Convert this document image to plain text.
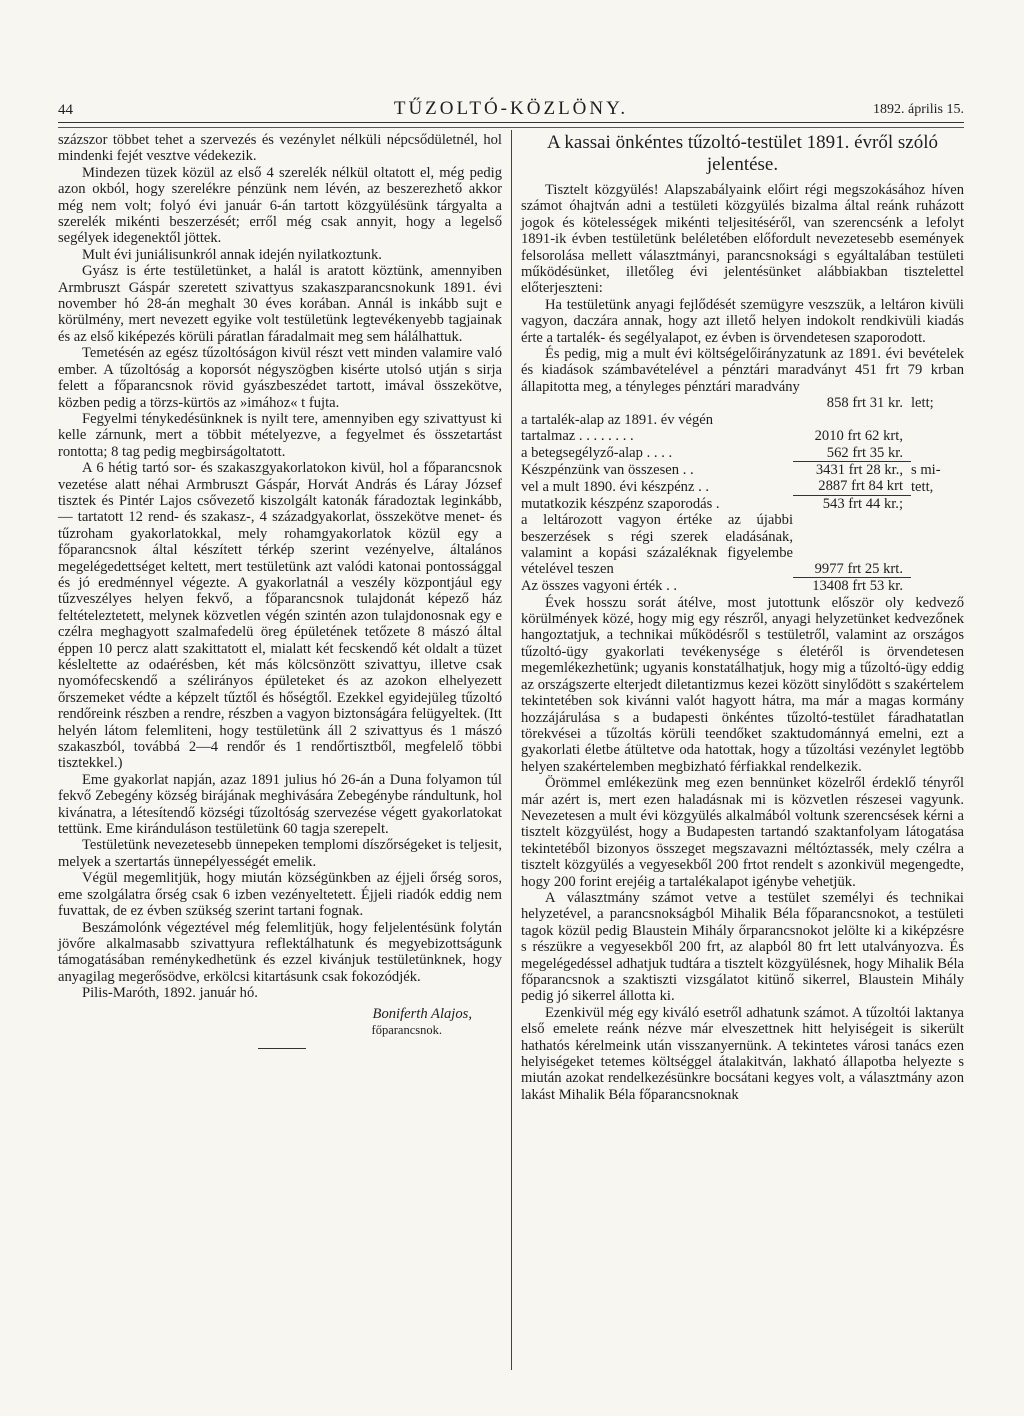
44	TŰZOLTÓ-KÖZLÖNY.	1892. április 15.

százszor többet tehet a szervezés és vezénylet nélküli népcsődületnél, hol mindenki fejét vesztve védekezik.

Mindezen tüzek közül az első 4 szerelék nélkül oltatott el, még pedig azon okból, hogy szerelékre pénzünk nem lévén, az beszerezhető akkor még nem volt; folyó évi január 6-án tartott közgyülésünk tárgyalta a szerelék mikénti beszerzését; erről még csak annyit, hogy a legelső segélyek idegenektől jöttek.

Mult évi juniálisunkról annak idején nyilatkoztunk.

Gyász is érte testületünket, a halál is aratott köztünk, amennyiben Armbruszt Gáspár szeretett szivattyus szakaszparancsnokunk 1891. évi november hó 28-án meghalt 30 éves korában. Annál is inkább sujt e körülmény, mert nevezett egyike volt testületünk legtevékenyebb tagjainak és az első kiképezés körüli páratlan fáradalmait meg sem hálálhattuk.

Temetésén az egész tűzoltóságon kivül részt vett minden valamire való ember. A tűzoltóság a koporsót négyszögben kisérte utolsó utján s sirja felett a főparancsnok rövid gyászbeszédet tartott, imával összekötve, közben pedig a törzs-kürtös az »imához« t fujta.

Fegyelmi ténykedésünknek is nyilt tere, amennyiben egy szivattyust ki kelle zárnunk, mert a többit mételyezve, a fegyelmet és összetartást rontotta; 8 tag pedig megbirságoltatott.

A 6 hétig tartó sor- és szakaszgyakorlatokon kivül, hol a főparancsnok vezetése alatt néhai Armbruszt Gáspár, Horvát András és Láray József tisztek és Pintér Lajos csővezető kiszolgált katonák fáradoztak leginkább, — tartatott 12 rend- és szakasz-, 4 századgyakorlat, összekötve menet- és tűzroham gyakorlatokkal, mely rohamgyakorlatok közül egy a főparancsnok által készített térkép szerint vezényelve, általános megelégedettséget keltett, mert testületünk azt valódi katonai pontossággal és jó eredménnyel végezte. A gyakorlatnál a veszély központjául egy tűzveszélyes helyen fekvő, a főparancsnok tulajdonát képező ház feltételeztetett, melynek közvetlen végén szintén azon tulajdonosnak egy e czélra meghagyott szalmafedelü öreg épületének tetőzete 8 mászó által éppen 10 percz alatt szakittatott el, mialatt két fecskendő két oldalt a tüzet késleltette az odaérésben, két más kölcsönzött szivattyu, illetve csak nyomófecskendő a szélirányos épületeket és az azokon elhelyezett őrszemeket védte a képzelt tűztől és hőségtől. Ezekkel egyidejüleg tűzoltó rendőreink részben a rendre, részben a vagyon biztonságára felügyeltek. (Itt helyén látom felemliteni, hogy testületünk áll 2 szivattyus és 1 mászó szakaszból, továbbá 2—4 rendőr és 1 rendőrtisztből, megfelelő többi tisztekkel.)

Eme gyakorlat napján, azaz 1891 julius hó 26-án a Duna folyamon túl fekvő Zebegény község birájának meghivására Zebegénybe rándultunk, hol kivánatra, a létesítendő községi tűzoltóság szervezése végett gyakorlatokat tettünk. Eme kiránduláson testületünk 60 tagja szerepelt.

Testületünk nevezetesebb ünnepeken templomi díszőrségeket is teljesit, melyek a szertartás ünnepélyességét emelik.

Végül megemlitjük, hogy miután községünkben az éjjeli őrség soros, eme szolgálatra őrség csak 6 izben vezényeltetett. Éjjeli riadók eddig nem fuvattak, de ez évben szükség szerint tartani fognak.

Beszámolónk végeztével még felemlitjük, hogy feljelentésünk folytán jövőre alkalmasabb szivattyura reflektálhatunk és megyebizottságunk támogatásában reménykedhetünk és ezzel kivánjuk testületünknek, hogy anyagilag megerősödve, erkölcsi kitartásunk csak fokozódjék.

Pilis-Maróth, 1892. január hó.

Boniferth Alajos,
főparancsnok.
A kassai önkéntes tűzoltó-testület 1891. évről szóló jelentése.

Tisztelt közgyülés! Alapszabályaink előirt régi megszokásához híven számot óhajtván adni a testületi közgyülés bizalma által reánk ruházott jogok és kötelességek mikénti teljesitéséről, van szerencsénk a lefolyt 1891-ik évben testületünk beléletében előfordult nevezetesebb események felsorolása mellett választmányi, parancsnoksági s egyáltalában testületi működésünket, illetőleg évi jelentésünket alábbiakban tisztelettel előterjeszteni:

Ha testületünk anyagi fejlődését szemügyre veszszük, a leltáron kivüli vagyon, daczára annak, hogy azt illető helyen indokolt rendkivüli kiadás érte a tartalék- és segélyalapot, ez évben is örvendetesen szaporodott.

És pedig, mig a mult évi költségelőirányzatunk az 1891. évi bevételek és kiadások számbavételével a pénztári maradványt 451 frt 79 krban állapitotta meg, a tényleges pénztári maradvány

	858 frt 31 kr.	lett;
a tartalék-alap az 1891. év végén		
tartalmaz . . . . . . . .	2010 frt 62 krt,	
a betegsegélyző-alap . . . .	562 frt 35 kr.	
Készpénzünk van összesen . .	3431 frt 28 kr.,	s mi-
vel a mult 1890. évi készpénz . .	2887 frt 84 krt	tett,
mutatkozik készpénz szaporodás .	543 frt 44 kr.;	
a leltározott vagyon értéke az újabbi beszerzések s régi szerek eladásának, valamint a kopási százaléknak figyelembe vételével teszen	9977 frt 25 krt.	
Az összes vagyoni érték . .	13408 frt 53 kr.	

Évek hosszu sorát átélve, most jutottunk először oly kedvező körülmények közé, hogy mig egy részről, anyagi helyzetünket kedvezőnek hangoztatjuk, a technikai működésről s testületről, valamint az országos tűzoltó-ügy gyakorlati tevékenysége s életéről is örvendetesen megemlékezhetünk; ugyanis konstatálhatjuk, hogy mig a tűzoltó-ügy eddig az országszerte elterjedt diletantizmus kezei között sinylődött s szakértelem tekintetében sok kivánni valót hagyott hátra, ma már a magas kormány hozzájárulása s a budapesti önkéntes tűzoltó-testület fáradhatatlan törekvései a tűzoltás körüli teendőket szaktudománnyá emelni, ezt a gyakorlati életbe átültetve oda hatottak, hogy a tűzoltási vezénylet legtöbb helyen szakértelemben megbizható férfiakkal rendelkezik.

Örömmel emlékezünk meg ezen bennünket közelről érdeklő tényről már azért is, mert ezen haladásnak mi is közvetlen részesei vagyunk. Nevezetesen a mult évi közgyülés alkalmából voltunk szerencsések kérni a tisztelt közgyülést, hogy a Budapesten tartandó szaktanfolyam látogatása tekintetéből bizonyos összeget megszavazni méltóztassék, mely czélra a tisztelt közgyülés a vegyesekből 200 frtot rendelt s azonkivül megengedte, hogy 200 forint erejéig a tartalékalapot igénybe vehetjük.

A választmány számot vetve a testület személyi és technikai helyzetével, a parancsnokságból Mihalik Béla főparancsnokot, a testületi tagok közül pedig Blaustein Mihály őrparancsnokot jelölte ki a kiképzésre s részükre a vegyesekből 200 frt, az alapból 80 frt lett utalványozva. És megelégedéssel adhatjuk tudtára a tisztelt közgyülésnek, hogy Mihalik Béla főparancsnok a szaktiszti vizsgálatot kitünő sikerrel, Blaustein Mihály pedig jó sikerrel állotta ki.

Ezenkivül még egy kiváló esetről adhatunk számot. A tűzoltói laktanya első emelete reánk nézve már elveszettnek hitt helyiségeit is sikerült hathatós kérelmeink után visszanyernünk. A tekintetes városi tanács ezen helyiségeket tetemes költséggel átalakitván, lakható állapotba helyezte s miután azokat rendelkezésünkre bocsátani kegyes volt, a választmány azon lakást Mihalik Béla főparancsnoknak
